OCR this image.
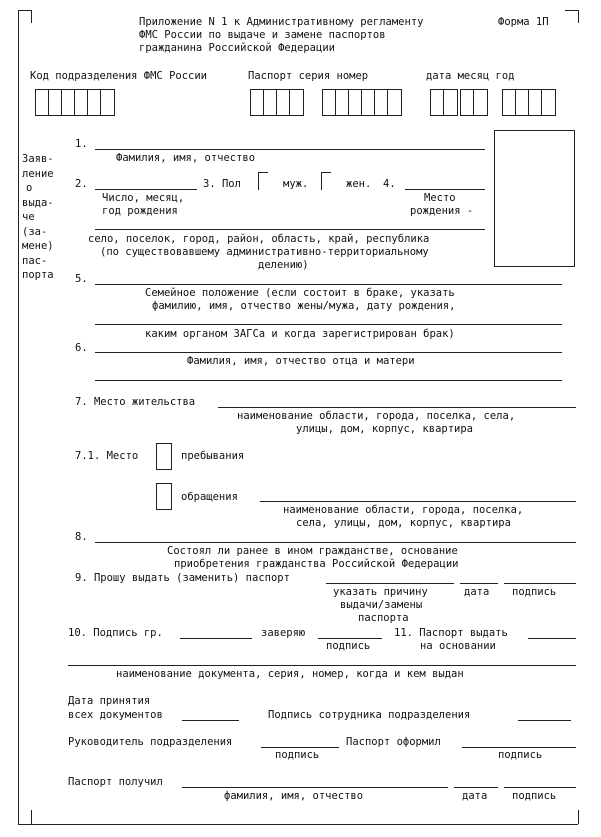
Приложение N 1 к Административному регламенту
ФМС России по выдаче и замене паспортов
гражданина Российской Федерации
Форма 1П
Код подразделения ФМС России	Паспорт серия номер	дата месяц год
Заяв-
ление
о
выда-
че
(за-
мене)
пас-
порта
1.
Фамилия, имя, отчество
2.
Число, месяц,
год рождения
3. Пол	муж.	жен. 4.
Место
рождения -
село, поселок, город, район, область, край, республика
(по существовавшему административно-территориальному
делению)
5.
Семейное положение (если состоит в браке, указать
фамилию, имя, отчество жены/мужа, дату рождения,
каким органом ЗАГСа и когда зарегистрирован брак)
6.
Фамилия, имя, отчество отца и матери
7. Место жительства
наименование области, города, поселка, села,
улицы, дом, корпус, квартира
7.1. Место	пребывания
обращения
наименование области, города, поселка,
села, улицы, дом, корпус, квартира
8.
Состоял ли ранее в ином гражданстве, основание
приобретения гражданства Российской Федерации
9. Прошу выдать (заменить) паспорт
указать причину
выдачи/замены
паспорта
дата подпись
10. Подпись гр.	заверяю
подпись
11. Паспорт выдать
на основании
наименование документа, серия, номер, когда и кем выдан
Дата принятия
всех документов	Подпись сотрудника подразделения
Руководитель подразделения
подпись
Паспорт оформил
подпись
Паспорт получил
фамилия, имя, отчество	дата подпись
